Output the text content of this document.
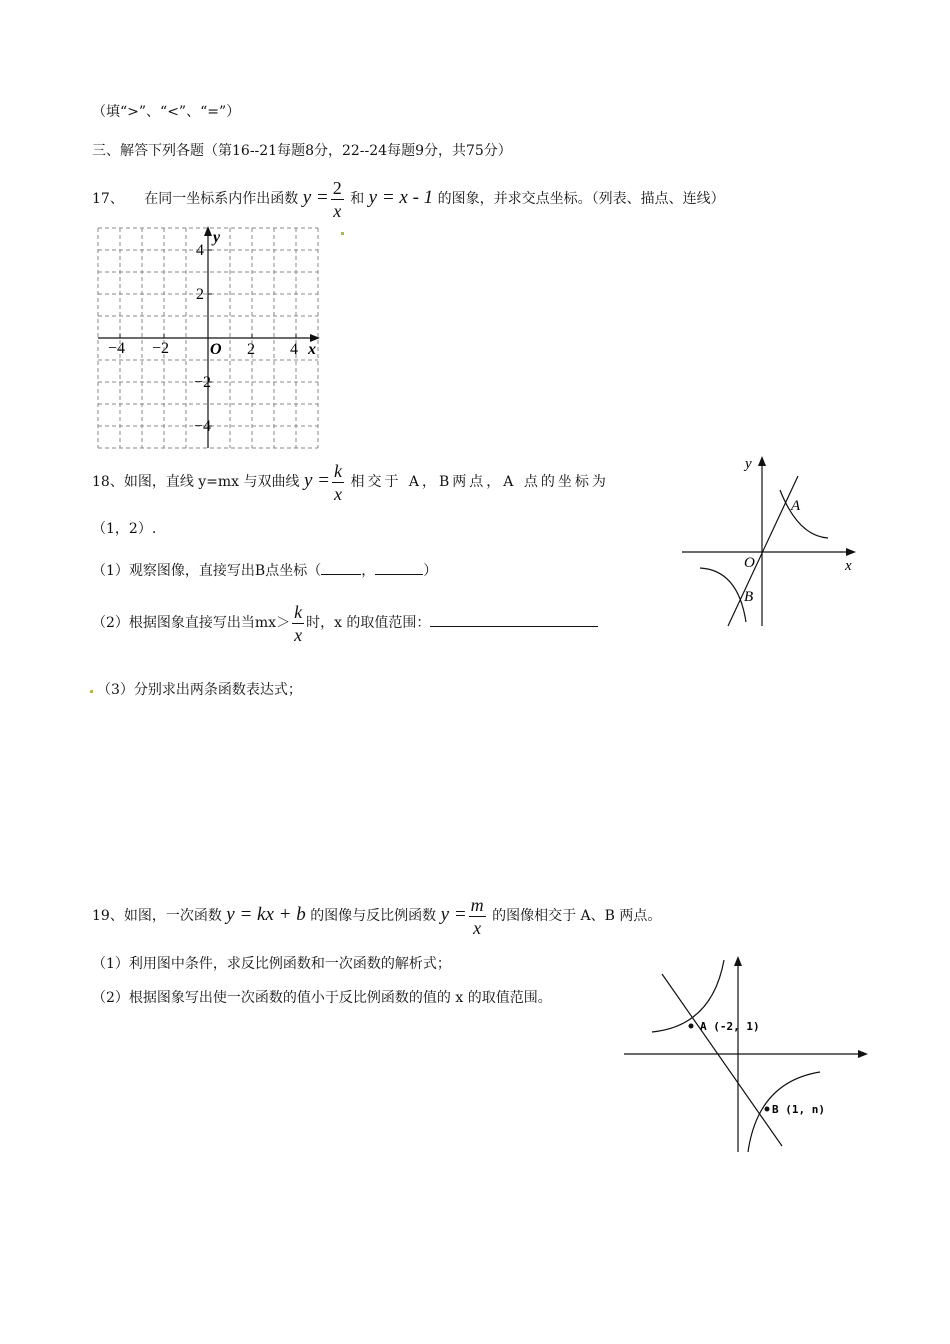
（填“>”、“<”、“=”）
三、解答下列各题（第16--21每题8分，22--24每题9分，共75分）
17、 在同一坐标系内作出函数 $y = \frac{2}{x}$ 和 y = x - 1 的图象，并求交点坐标。（列表、描点、连线）
−4 −2	2 4
4
2
−2
−4
O	x
y
18、如图，直线 y=mx 与双曲线 $y = \frac{k}{x}$ 相交于 A，B两点，A 点的坐标为
（1，2）.
（1）观察图像，直接写出B点坐标（	，	）
（2）根据图象直接写出当$mx> \frac{k}{x}$ 时，x 的取值范围：
（3）分别求出两条函数表达式；
y
x
O
A
B
19、如图，一次函数 y = kx + b 的图像与反比例函数 $y = \frac{m}{x}$ 的图像相交于 A、B 两点。
（1）利用图中条件，求反比例函数和一次函数的解析式；
（2）根据图象写出使一次函数的值小于反比例函数的值的 x 的取值范围。
A (-2, 1)
B (1, n)
